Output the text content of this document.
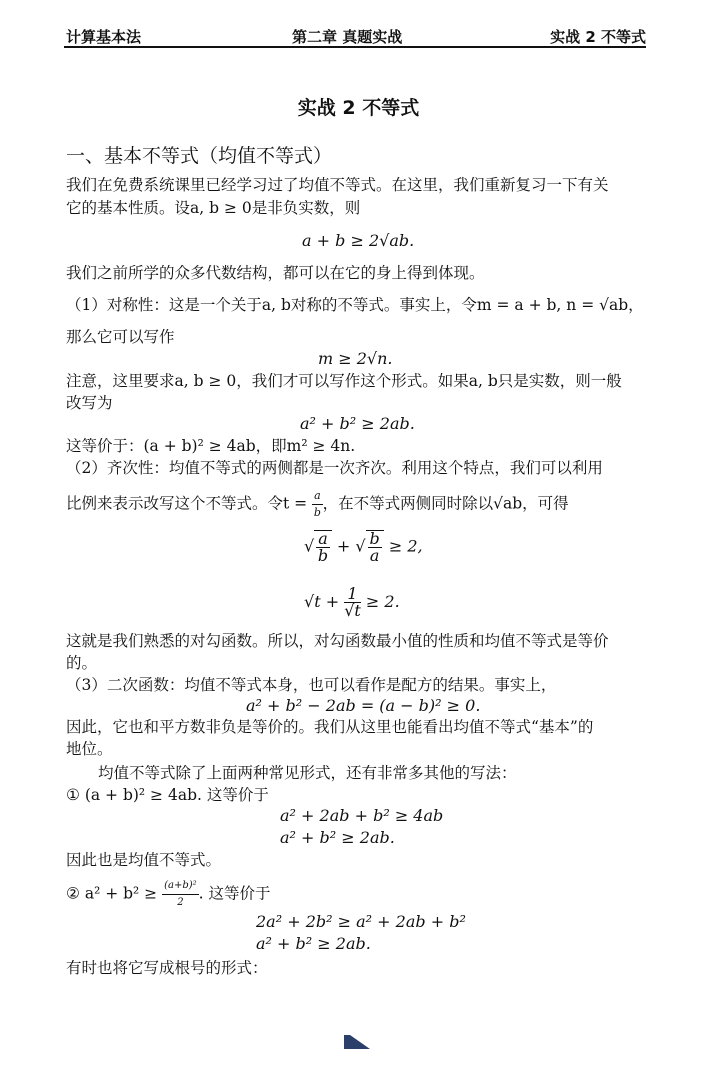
计算基本法	第二章 真题实战	实战 2 不等式
实战 2 不等式
一、基本不等式（均值不等式）
我们在免费系统课里已经学习过了均值不等式。在这里，我们重新复习一下有关
它的基本性质。设a, b ≥ 0是非负实数，则
a + b ≥ 2√ab.
我们之前所学的众多代数结构，都可以在它的身上得到体现。
（1）对称性：这是一个关于a, b对称的不等式。事实上，令m = a + b, n = √ab，
那么它可以写作
m ≥ 2√n.
注意，这里要求a, b ≥ 0，我们才可以写作这个形式。如果a, b只是实数，则一般
改写为
a² + b² ≥ 2ab.
这等价于：(a + b)² ≥ 4ab，即m² ≥ 4n.
（2）齐次性：均值不等式的两侧都是一次齐次。利用这个特点，我们可以利用
比例来表示改写这个不等式。令$t = \frac{a}{b}$ ，在不等式两侧同时除以√ab，可得
√ $\frac{a}{b}$ + √ $\frac{b}{a} \ge 2$,
$√t + \frac{1}{√t} \ge 2$.
这就是我们熟悉的对勾函数。所以，对勾函数最小值的性质和均值不等式是等价
的。
（3）二次函数：均值不等式本身，也可以看作是配方的结果。事实上，
a² + b² − 2ab = (a − b)² ≥ 0.
因此，它也和平方数非负是等价的。我们从这里也能看出均值不等式“基本”的
地位。
均值不等式除了上面两种常见形式，还有非常多其他的写法：
① (a + b)² ≥ 4ab. 这等价于
a² + 2ab + b² ≥ 4ab
a² + b² ≥ 2ab.
因此也是均值不等式。
② $a^2 + b^2 \ge \frac{\text{(a+b)²}}{2}$ . 这等价于
2a² + 2b² ≥ a² + 2ab + b²
a² + b² ≥ 2ab.
有时也将它写成根号的形式：
